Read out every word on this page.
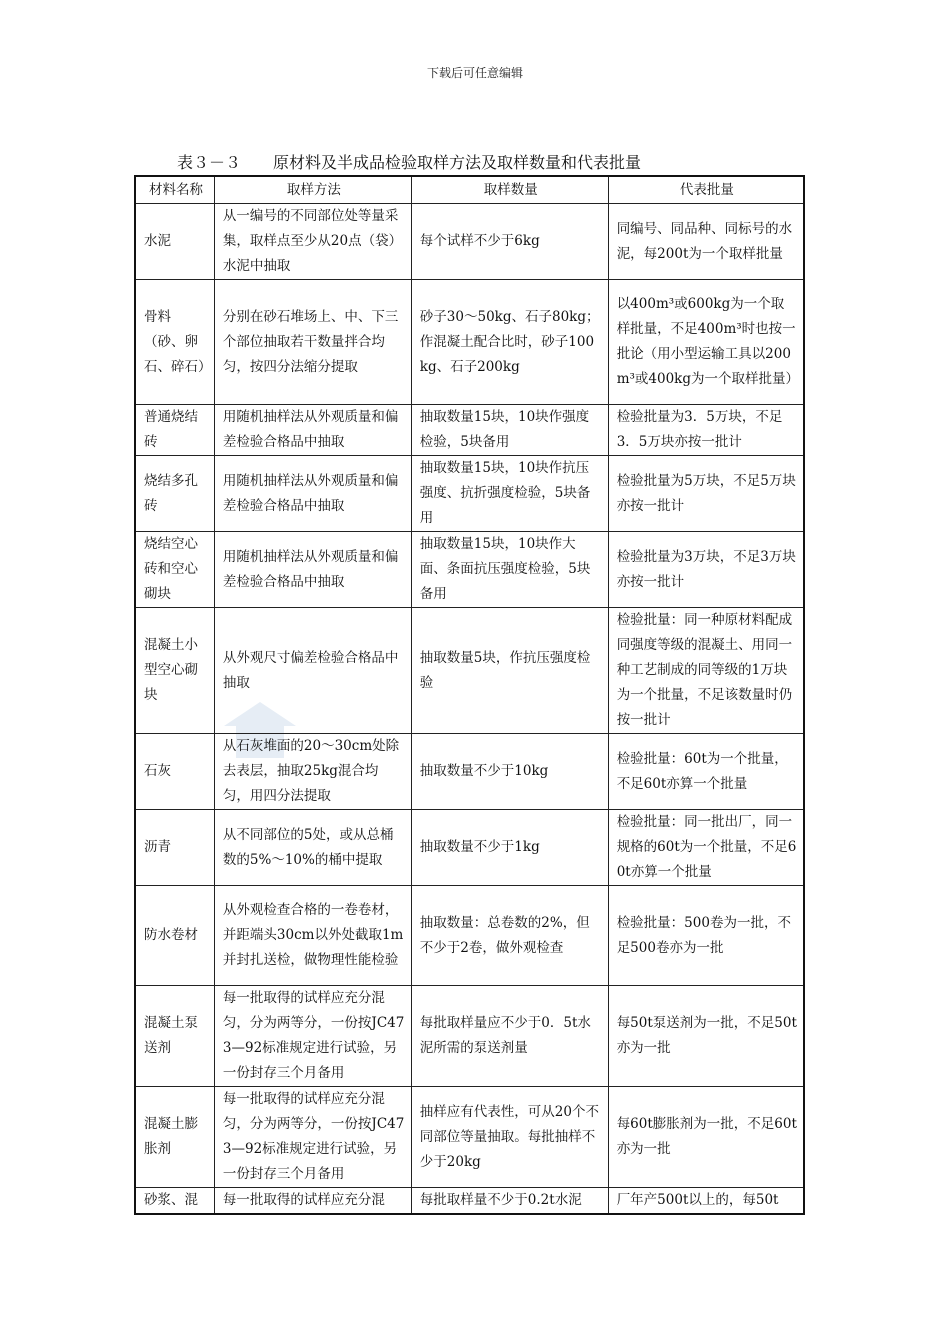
下载后可任意编辑
表３－３　　原材料及半成品检验取样方法及取样数量和代表批量
材料名称	取样方法	取样数量	代表批量
水泥	从一编号的不同部位处等量采集，取样点至少从20点（袋）水泥中抽取	每个试样不少于6kg	同编号、同品种、同标号的水泥，每200t为一个取样批量
骨料（砂、卵石、碎石）	分别在砂石堆场上、中、下三个部位抽取若干数量拌合均匀，按四分法缩分提取	砂子30～50kg、石子80kg；作混凝土配合比时，砂子100kg、石子200kg	以400m³或600kg为一个取样批量，不足400m³时也按一批论（用小型运输工具以200m³或400kg为一个取样批量）
普通烧结砖	用随机抽样法从外观质量和偏差检验合格品中抽取	抽取数量15块，10块作强度检验，5块备用	检验批量为3．5万块，不足3．5万块亦按一批计
烧结多孔砖	用随机抽样法从外观质量和偏差检验合格品中抽取	抽取数量15块，10块作抗压强度、抗折强度检验，5块备用	检验批量为5万块，不足5万块亦按一批计
烧结空心砖和空心砌块	用随机抽样法从外观质量和偏差检验合格品中抽取	抽取数量15块，10块作大面、条面抗压强度检验，5块备用	检验批量为3万块，不足3万块亦按一批计
混凝土小型空心砌块	从外观尺寸偏差检验合格品中抽取	抽取数量5块，作抗压强度检验	检验批量：同一种原材料配成同强度等级的混凝土、用同一种工艺制成的同等级的1万块为一个批量，不足该数量时仍按一批计
石灰	从石灰堆面的20～30cm处除去表层，抽取25kg混合均匀，用四分法提取	抽取数量不少于10kg	检验批量：60t为一个批量，不足60t亦算一个批量
沥青	从不同部位的5处，或从总桶数的5%～10%的桶中提取	抽取数量不少于1kg	检验批量：同一批出厂，同一规格的60t为一个批量，不足60t亦算一个批量
防水卷材	从外观检查合格的一卷卷材，并距端头30cm以外处截取1m并封扎送检，做物理性能检验	抽取数量：总卷数的2%，但不少于2卷，做外观检查	检验批量：500卷为一批，不足500卷亦为一批
混凝土泵送剂	每一批取得的试样应充分混匀，分为两等分，一份按JC473—92标准规定进行试验，另一份封存三个月备用	每批取样量应不少于0．5t水泥所需的泵送剂量	每50t泵送剂为一批，不足50t亦为一批
混凝土膨胀剂	每一批取得的试样应充分混匀，分为两等分，一份按JC473—92标准规定进行试验，另一份封存三个月备用	抽样应有代表性，可从20个不同部位等量抽取。每批抽样不少于20kg	每60t膨胀剂为一批，不足60t亦为一批
砂浆、混	每一批取得的试样应充分混	每批取样量不少于0.2t水泥	厂年产500t以上的，每50t
